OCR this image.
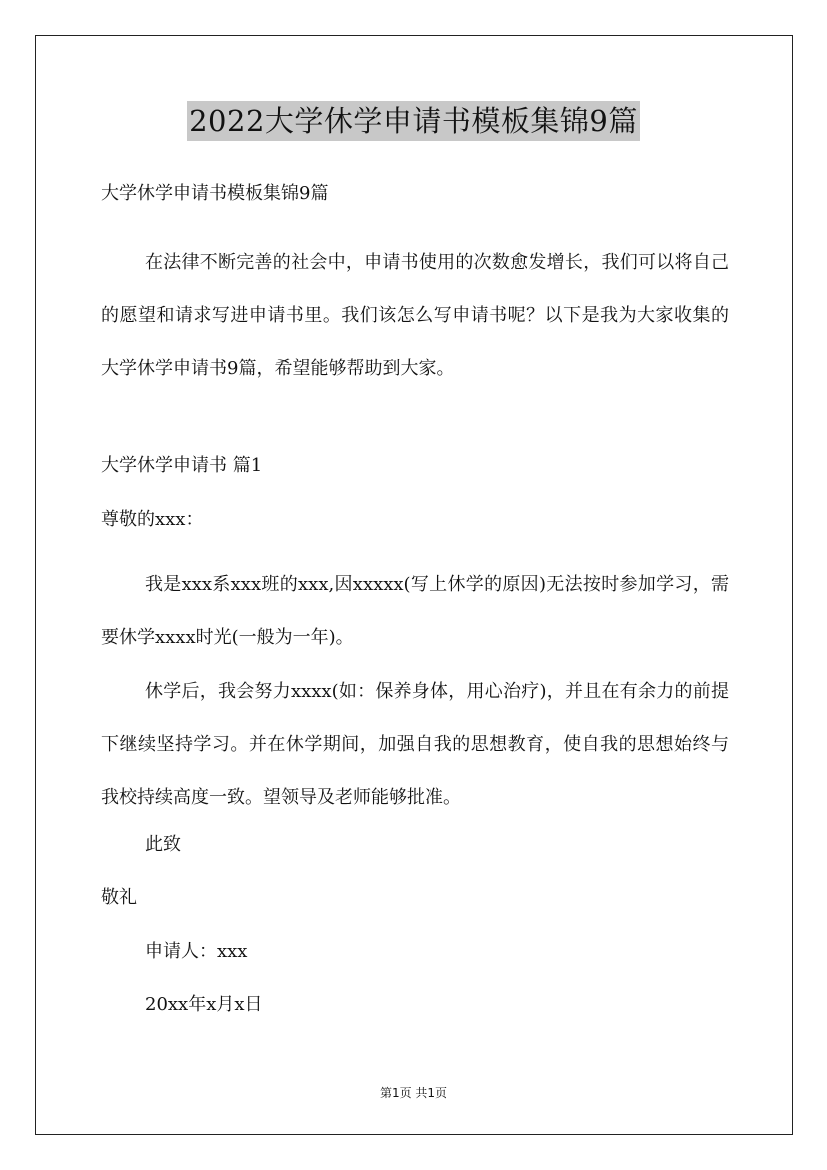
2022大学休学申请书模板集锦9篇
大学休学申请书模板集锦9篇
在法律不断完善的社会中，申请书使用的次数愈发增长，我们可以将自己的愿望和请求写进申请书里。我们该怎么写申请书呢？以下是我为大家收集的大学休学申请书9篇，希望能够帮助到大家。
大学休学申请书 篇1
尊敬的xxx：
我是xxx系xxx班的xxx,因xxxxx(写上休学的原因)无法按时参加学习，需要休学xxxx时光(一般为一年)。
休学后，我会努力xxxx(如：保养身体，用心治疗)，并且在有余力的前提下继续坚持学习。并在休学期间，加强自我的思想教育，使自我的思想始终与我校持续高度一致。望领导及老师能够批准。
此致
敬礼
申请人：xxx
20xx年x月x日
第1页 共1页
